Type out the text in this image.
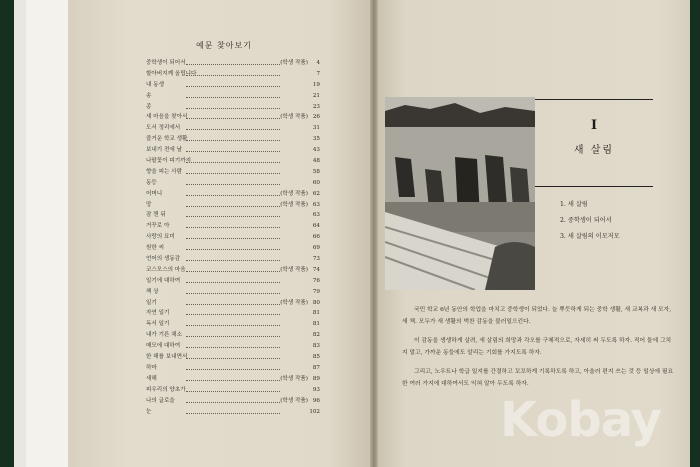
예문 찾아보기
중학생이 되어서	(학생 작품) 4
할아버지께 올립니다	7
내 동생	19
송	21
종	23
새 마음을 찾아서	(학생 작품) 26
도서 정리에서	31
즐거운 학교 생활	35
보내기 전에 날	43
나팔꽃이 피기까지	48
향을 피는 사람	58
동등	60
어머니	(학생 작품) 62
망	(학생 작품) 63
잠 깬 뒤	63
거꾸로 아	64
사랑의 묘미	66
원한 씨	69
언어의 생동감	73
코스모스의 마음	(학생 작품) 74
일기에 대하여	76
책 상	79
일기	(학생 작품) 80
자연 일기	81
독서 일기	81
내가 기른 채소	82
메모에 대하여	83
한 해를 보내면서	85
하마	87
새해	(학생 작품) 89
피우리의 양초가	93
나의 글로을	(학생 작품) 96
눈	102
I
새 살림
1. 새 살림
2. 중학생이 되어서
3. 새 살림의 이모저모

국민 학교 6년 동안의 학업을 마치고 중학생이 되었다. 늘 뿌듯하게 되는 중학 생활, 새 교복과 새 모자, 새 책. 모두가 새 생활의 벅찬 감동을 불러일으킨다.

이 감동을 생생하게 살려, 새 살림의 희망과 각오를 구체적으로, 자세히 써 두도록 하자. 적어 둘에 그치지 말고, 가까운 동들에도 알리는 기회를 가지도록 하자.

그리고, 노우트나 학급 일지를 간결하고 꼬꼬하게 기록하도록 하고, 아울러 편지 쓰는 것 등 일상에 필요한 여러 가지에 대하여서도 익혀 알아 두도록 하자.

Kobay
